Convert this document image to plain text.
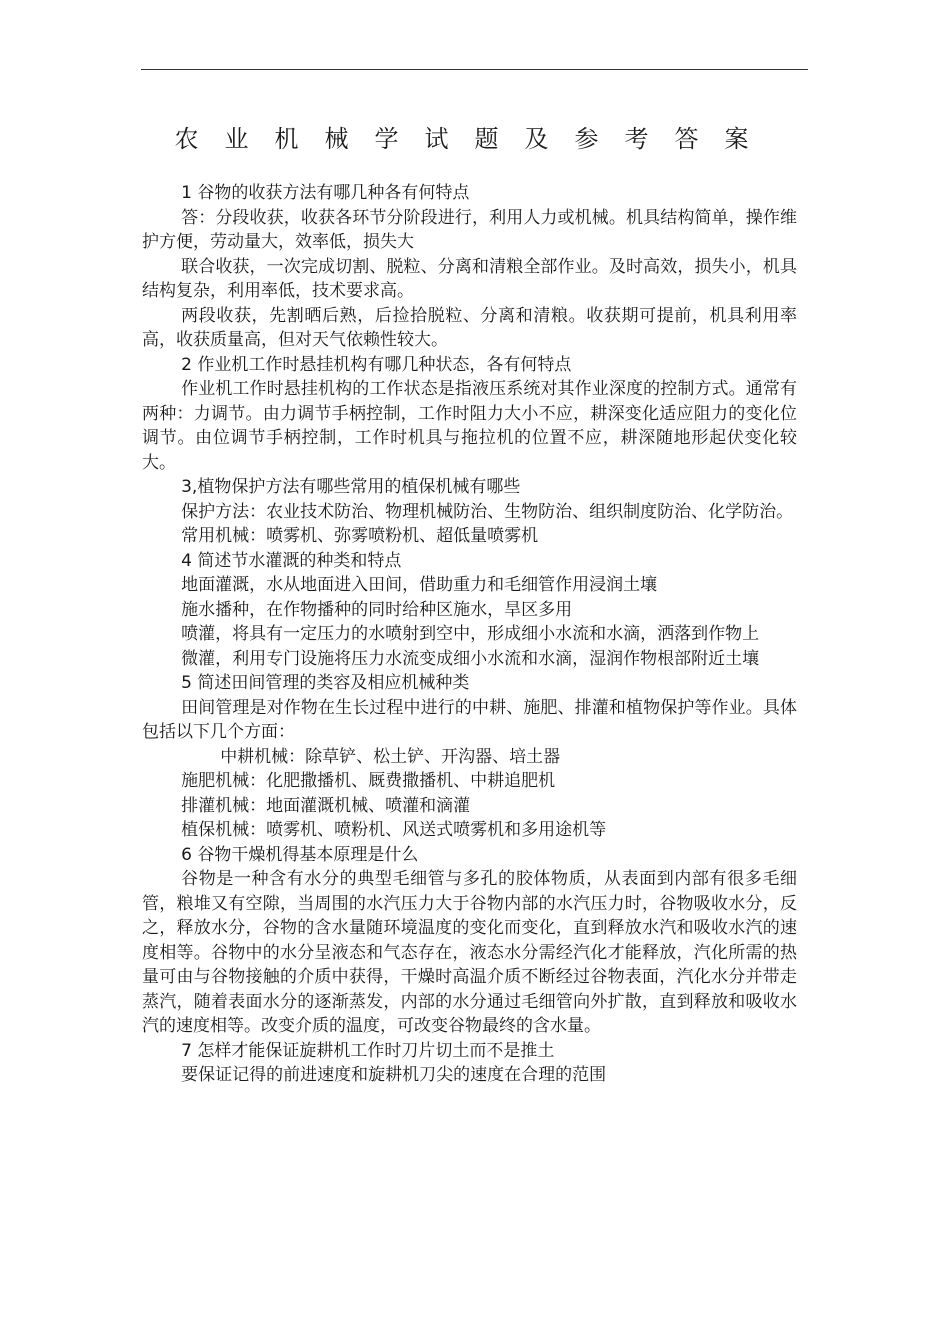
农业机械学试题及参考答案

1 谷物的收获方法有哪几种各有何特点

答：分段收获，收获各环节分阶段进行，利用人力或机械。机具结构简单，操作维护方便，劳动量大，效率低，损失大

联合收获，一次完成切割、脱粒、分离和清粮全部作业。及时高效，损失小，机具结构复杂，利用率低，技术要求高。

两段收获，先割晒后熟，后捡拾脱粒、分离和清粮。收获期可提前，机具利用率高，收获质量高，但对天气依赖性较大。

2 作业机工作时悬挂机构有哪几种状态，各有何特点

作业机工作时悬挂机构的工作状态是指液压系统对其作业深度的控制方式。通常有两种：力调节。由力调节手柄控制，工作时阻力大小不应，耕深变化适应阻力的变化位调节。由位调节手柄控制，工作时机具与拖拉机的位置不应，耕深随地形起伏变化较大。

3,植物保护方法有哪些常用的植保机械有哪些

保护方法：农业技术防治、物理机械防治、生物防治、组织制度防治、化学防治。

常用机械：喷雾机、弥雾喷粉机、超低量喷雾机

4 简述节水灌溉的种类和特点

地面灌溉，水从地面进入田间，借助重力和毛细管作用浸润土壤

施水播种，在作物播种的同时给种区施水，旱区多用

喷灌，将具有一定压力的水喷射到空中，形成细小水流和水滴，洒落到作物上

微灌，利用专门设施将压力水流变成细小水流和水滴，湿润作物根部附近土壤

5 简述田间管理的类容及相应机械种类

田间管理是对作物在生长过程中进行的中耕、施肥、排灌和植物保护等作业。具体包括以下几个方面：

中耕机械：除草铲、松土铲、开沟器、培土器

施肥机械：化肥撒播机、厩费撒播机、中耕追肥机

排灌机械：地面灌溉机械、喷灌和滴灌

植保机械：喷雾机、喷粉机、风送式喷雾机和多用途机等

6 谷物干燥机得基本原理是什么

谷物是一种含有水分的典型毛细管与多孔的胶体物质，从表面到内部有很多毛细管，粮堆又有空隙，当周围的水汽压力大于谷物内部的水汽压力时，谷物吸收水分，反之，释放水分，谷物的含水量随环境温度的变化而变化，直到释放水汽和吸收水汽的速度相等。谷物中的水分呈液态和气态存在，液态水分需经汽化才能释放，汽化所需的热量可由与谷物接触的介质中获得，干燥时高温介质不断经过谷物表面，汽化水分并带走蒸汽，随着表面水分的逐渐蒸发，内部的水分通过毛细管向外扩散，直到释放和吸收水汽的速度相等。改变介质的温度，可改变谷物最终的含水量。

7 怎样才能保证旋耕机工作时刀片切土而不是推土

要保证记得的前进速度和旋耕机刀尖的速度在合理的范围
